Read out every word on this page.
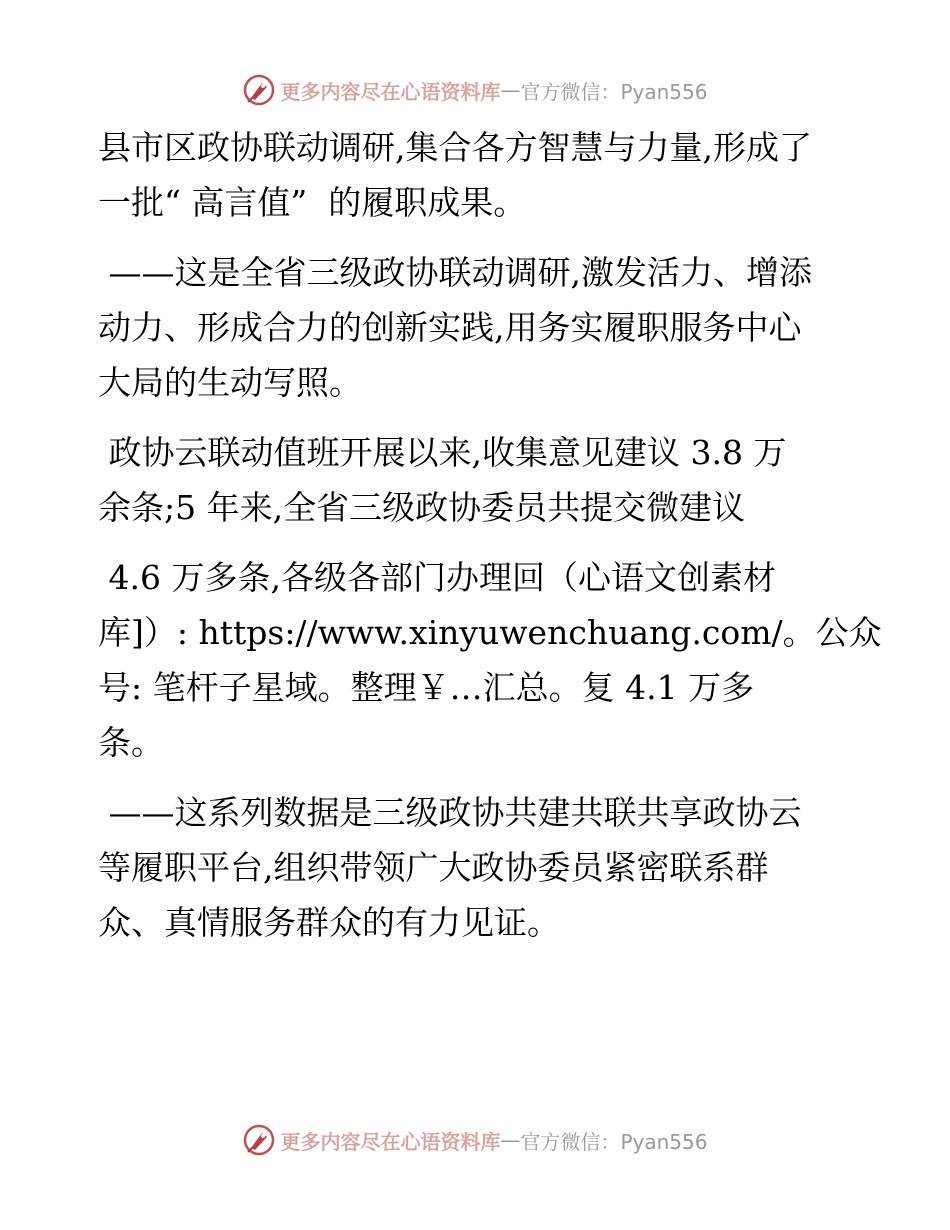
更多内容尽在心语资料库 — 官方微信：Pyan556

县市区政协联动调研,集合各方智慧与力量,形成了
一批“ 高言值”  的履职成果。

——这是全省三级政协联动调研,激发活力、增添
动力、形成合力的创新实践,用务实履职服务中心
大局的生动写照。

政协云联动值班开展以来,收集意见建议 3.8 万
余条;5 年来,全省三级政协委员共提交微建议

4.6 万多条,各级各部门办理回（心语文创素材
库]）: https://www.xinyuwenchuang.com/。公众
号: 笔杆子星域。整理￥…汇总。复 4.1 万多
条。

——这系列数据是三级政协共建共联共享政协云
等履职平台,组织带领广大政协委员紧密联系群
众、真情服务群众的有力见证。

更多内容尽在心语资料库 — 官方微信：Pyan556
